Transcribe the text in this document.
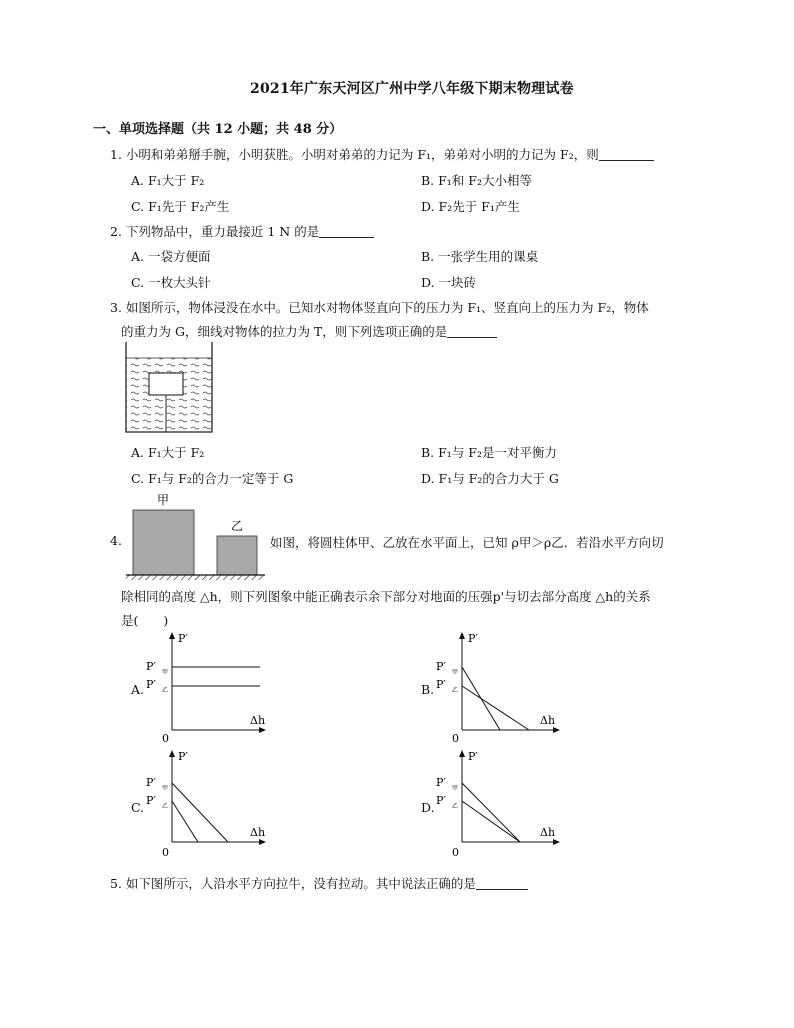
2021年广东天河区广州中学八年级下期末物理试卷
一、单项选择题（共 12 小题；共 48 分）
1. 小明和弟弟掰手腕，小明获胜。小明对弟弟的力记为 F₁，弟弟对小明的力记为 F₂，则
A. F₁大于 F₂	B. F₁和 F₂大小相等
C. F₁先于 F₂产生	D. F₂先于 F₁产生
2. 下列物品中，重力最接近 1 N 的是
A. 一袋方便面	B. 一张学生用的课桌
C. 一枚大头针	D. 一块砖
3. 如图所示，物体浸没在水中。已知水对物体竖直向下的压力为 F₁、竖直向上的压力为 F₂，物体
的重力为 G，细线对物体的拉力为 T，则下列选项正确的是
A. F₁大于 F₂	B. F₁与 F₂是一对平衡力
C. F₁与 F₂的合力一定等于 G	D. F₁与 F₂的合力大于 G
4.
甲
乙
如图，将圆柱体甲、乙放在水平面上，已知 ρ甲＞ρ乙．若沿水平方向切
除相同的高度 △h，则下列图象中能正确表示余下部分对地面的压强p'与切去部分高度 △h的关系
是(　　)
A.
P′
Δh
0
P′ 甲
P′ 乙	B.
P′
Δh
0
P′ 甲
P′ 乙
C.
P′
Δh
0
P′ 甲
P′ 乙	D.
P′
Δh
0
P′ 甲
P′ 乙
5. 如下图所示，人沿水平方向拉牛，没有拉动。其中说法正确的是
